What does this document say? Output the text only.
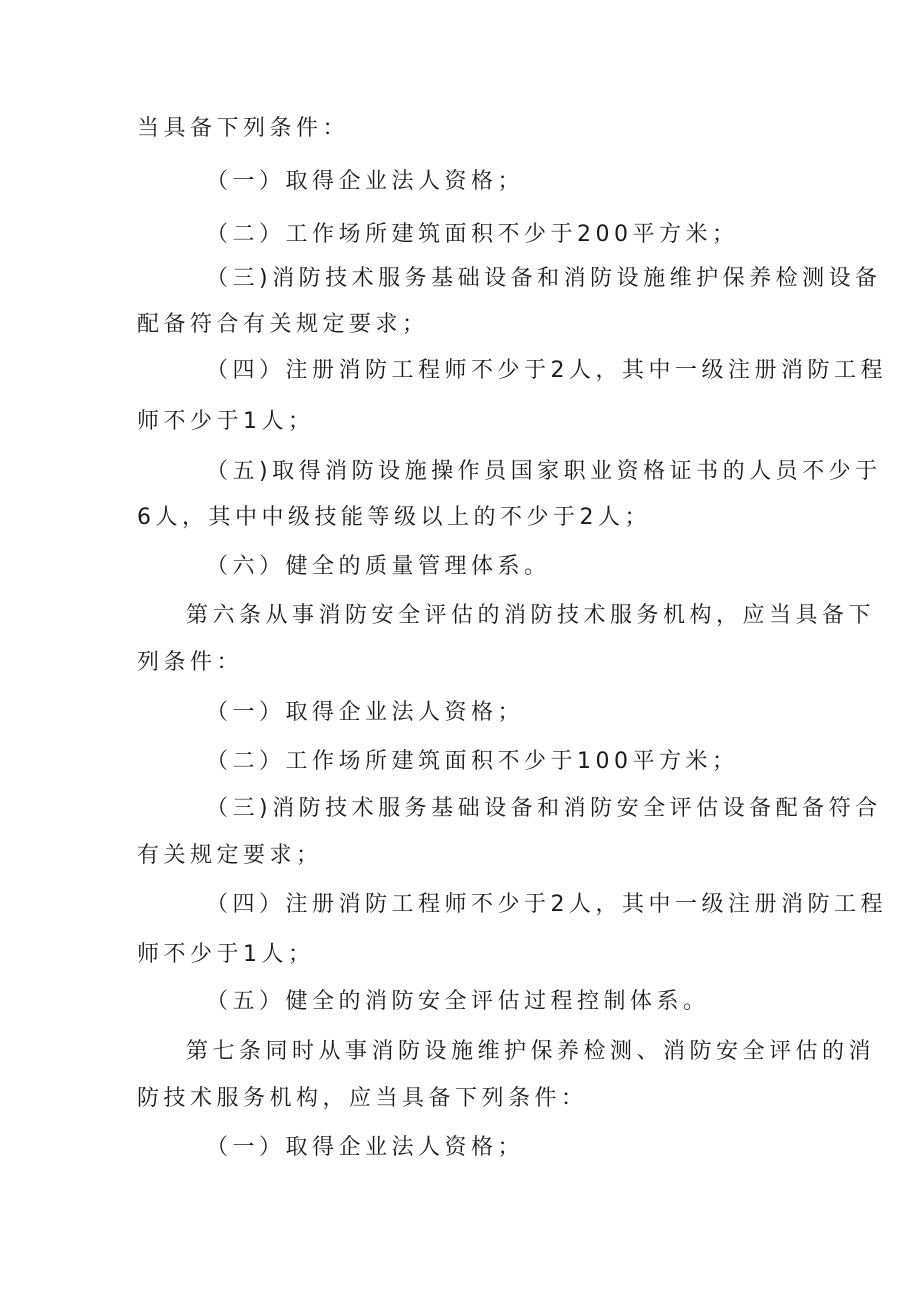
当具备下列条件：
（一）取得企业法人资格；
（二）工作场所建筑面积不少于200平方米；
（三)消防技术服务基础设备和消防设施维护保养检测设备
配备符合有关规定要求；
（四）注册消防工程师不少于2人，其中一级注册消防工程
师不少于1人；
（五)取得消防设施操作员国家职业资格证书的人员不少于
6人，其中中级技能等级以上的不少于2人；
（六）健全的质量管理体系。
第六条从事消防安全评估的消防技术服务机构，应当具备下
列条件：
（一）取得企业法人资格；
（二）工作场所建筑面积不少于100平方米；
（三)消防技术服务基础设备和消防安全评估设备配备符合
有关规定要求；
（四）注册消防工程师不少于2人，其中一级注册消防工程
师不少于1人；
（五）健全的消防安全评估过程控制体系。
第七条同时从事消防设施维护保养检测、消防安全评估的消
防技术服务机构，应当具备下列条件：
（一）取得企业法人资格；
